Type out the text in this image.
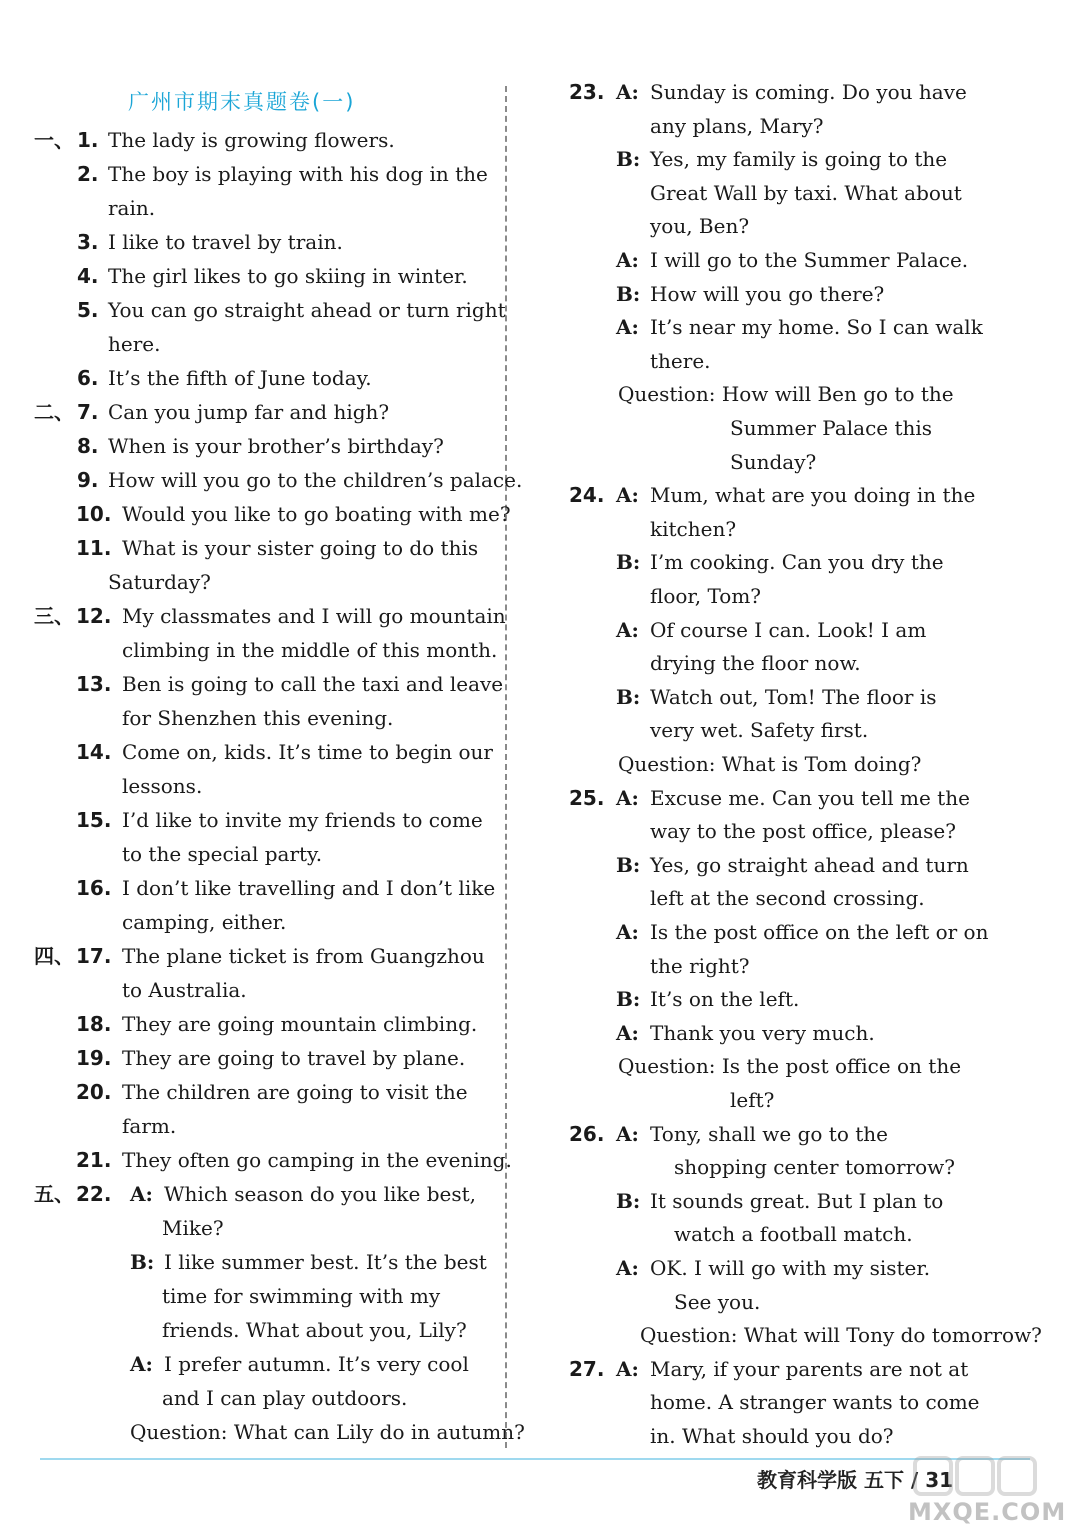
广州市期末真题卷(一)
一、 1. The lady is growing flowers.
2. The boy is playing with his dog in the
rain.
3. I like to travel by train.
4. The girl likes to go skiing in winter.
5. You can go straight ahead or turn right
here.
6. It’s the fifth of June today.
二、 7. Can you jump far and high?
8. When is your brother’s birthday?
9. How will you go to the children’s palace.
10. Would you like to go boating with me?
11. What is your sister going to do this
Saturday?
三、 12. My classmates and I will go mountain
climbing in the middle of this month.
13. Ben is going to call the taxi and leave
for Shenzhen this evening.
14. Come on, kids. It’s time to begin our
lessons.
15. I’d like to invite my friends to come
to the special party.
16. I don’t like travelling and I don’t like
camping, either.
四、 17. The plane ticket is from Guangzhou
to Australia.
18. They are going mountain climbing.
19. They are going to travel by plane.
20. The children are going to visit the
farm.
21. They often go camping in the evening.
五、 22. A: Which season do you like best,
Mike?
B: I like summer best. It’s the best
time for swimming with my
friends. What about you, Lily?
A: I prefer autumn. It’s very cool
and I can play outdoors.
Question: What can Lily do in autumn?
23. A: Sunday is coming. Do you have
any plans, Mary?
B: Yes, my family is going to the
Great Wall by taxi. What about
you, Ben?
A: I will go to the Summer Palace.
B: How will you go there?
A: It’s near my home. So I can walk
there.
Question: How will Ben go to the
Summer Palace this
Sunday?
24. A: Mum, what are you doing in the
kitchen?
B: I’m cooking. Can you dry the
floor, Tom?
A: Of course I can. Look! I am
drying the floor now.
B: Watch out, Tom! The floor is
very wet. Safety first.
Question: What is Tom doing?
25. A: Excuse me. Can you tell me the
way to the post office, please?
B: Yes, go straight ahead and turn
left at the second crossing.
A: Is the post office on the left or on
the right?
B: It’s on the left.
A: Thank you very much.
Question: Is the post office on the
left?
26. A: Tony, shall we go to the
shopping center tomorrow?
B: It sounds great. But I plan to
watch a football match.
A: OK. I will go with my sister.
See you.
Question: What will Tony do tomorrow?
27. A: Mary, if your parents are not at
home. A stranger wants to come
in. What should you do?
教育科学版 五下 / 31
MXQE.COM
